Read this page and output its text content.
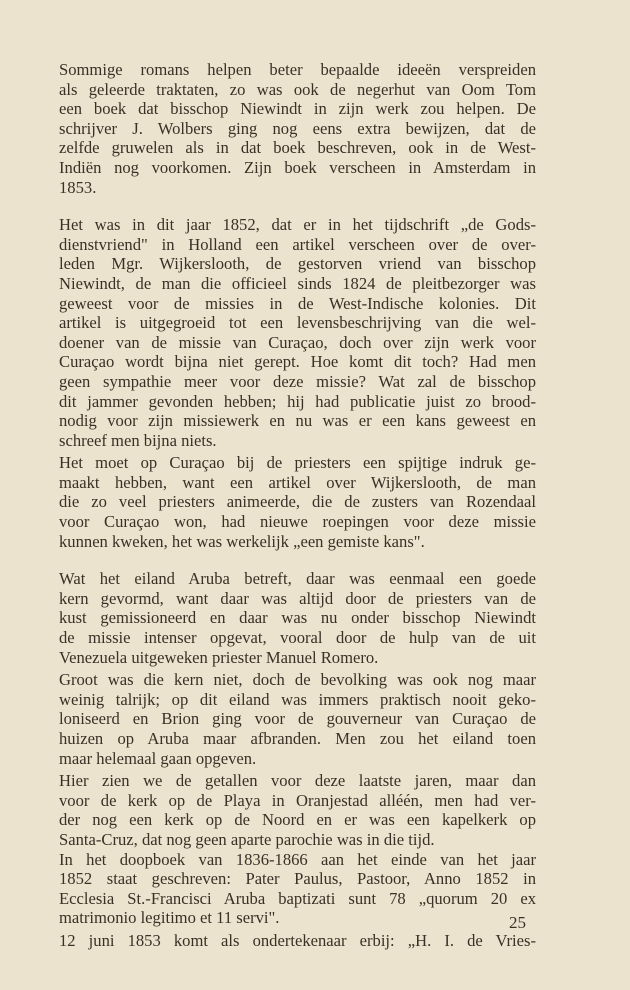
Sommige romans helpen beter bepaalde ideeën verspreiden
als geleerde traktaten, zo was ook de negerhut van Oom Tom
een boek dat bisschop Niewindt in zijn werk zou helpen. De
schrijver J. Wolbers ging nog eens extra bewijzen, dat de
zelfde gruwelen als in dat boek beschreven, ook in de West-
Indiën nog voorkomen. Zijn boek verscheen in Amsterdam in
1853.
Het was in dit jaar 1852, dat er in het tijdschrift „de Gods-
dienstvriend" in Holland een artikel verscheen over de over-
leden Mgr. Wijkerslooth, de gestorven vriend van bisschop
Niewindt, de man die officieel sinds 1824 de pleitbezorger was
geweest voor de missies in de West-Indische kolonies. Dit
artikel is uitgegroeid tot een levensbeschrijving van die wel-
doener van de missie van Curaçao, doch over zijn werk voor
Curaçao wordt bijna niet gerept. Hoe komt dit toch? Had men
geen sympathie meer voor deze missie? Wat zal de bisschop
dit jammer gevonden hebben; hij had publicatie juist zo brood-
nodig voor zijn missiewerk en nu was er een kans geweest en
schreef men bijna niets.
Het moet op Curaçao bij de priesters een spijtige indruk ge-
maakt hebben, want een artikel over Wijkerslooth, de man
die zo veel priesters animeerde, die de zusters van Rozendaal
voor Curaçao won, had nieuwe roepingen voor deze missie
kunnen kweken, het was werkelijk „een gemiste kans".
Wat het eiland Aruba betreft, daar was eenmaal een goede
kern gevormd, want daar was altijd door de priesters van de
kust gemissioneerd en daar was nu onder bisschop Niewindt
de missie intenser opgevat, vooral door de hulp van de uit
Venezuela uitgeweken priester Manuel Romero.
Groot was die kern niet, doch de bevolking was ook nog maar
weinig talrijk; op dit eiland was immers praktisch nooit geko-
loniseerd en Brion ging voor de gouverneur van Curaçao de
huizen op Aruba maar afbranden. Men zou het eiland toen
maar helemaal gaan opgeven.
Hier zien we de getallen voor deze laatste jaren, maar dan
voor de kerk op de Playa in Oranjestad alléén, men had ver-
der nog een kerk op de Noord en er was een kapelkerk op
Santa-Cruz, dat nog geen aparte parochie was in die tijd.
In het doopboek van 1836-1866 aan het einde van het jaar
1852 staat geschreven: Pater Paulus, Pastoor, Anno 1852 in
Ecclesia St.-Francisci Aruba baptizati sunt 78 „quorum 20 ex
matrimonio legitimo et 11 servi".
12 juni 1853 komt als ondertekenaar erbij: „H. I. de Vries-
25
